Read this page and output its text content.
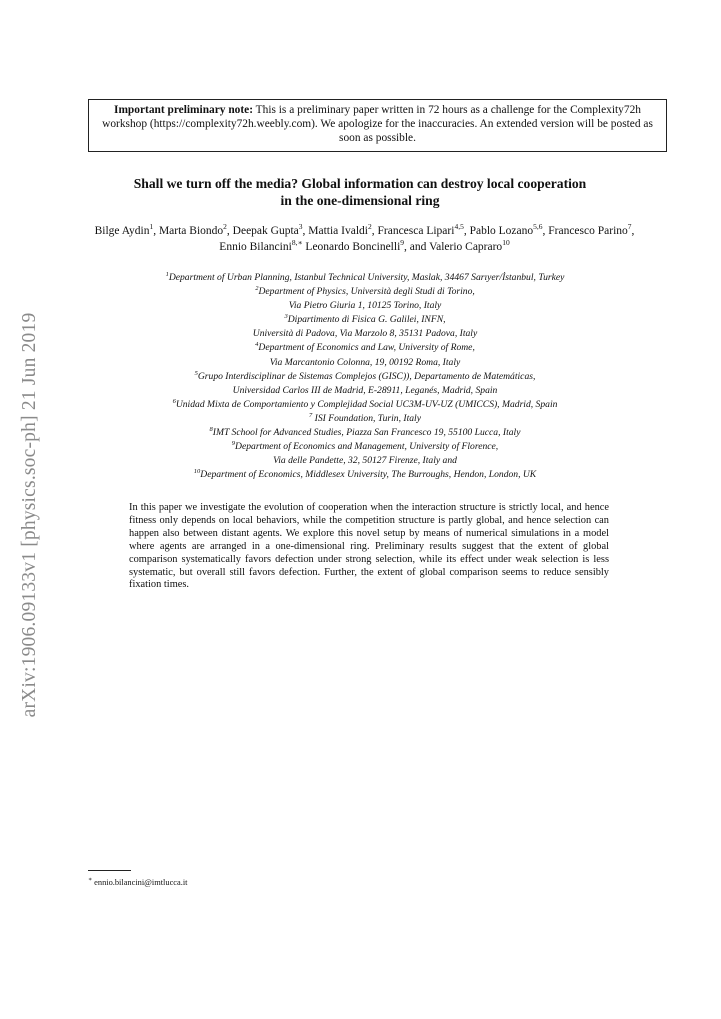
arXiv:1906.09133v1 [physics.soc-ph] 21 Jun 2019
Important preliminary note: This is a preliminary paper written in 72 hours as a challenge for the Complexity72h workshop (https://complexity72h.weebly.com). We apologize for the inaccuracies. An extended version will be posted as soon as possible.
Shall we turn off the media? Global information can destroy local cooperation
in the one-dimensional ring
Bilge Aydin$^1$, Marta Biondo$^2$, Deepak Gupta$^3$, Mattia Ivaldi$^2$, Francesca Lipari$^{4,5}$, Pablo Lozano$^{5,6}$, Francesco Parino$^7$, Ennio Bilancini$^{8,∗}$ Leonardo Boncinelli$^9$, and Valerio Capraro$^{10}$
$^1$Department of Urban Planning, Istanbul Technical University, Maslak, 34467 Sarıyer/İstanbul, Turkey
$^2$Department of Physics, Università degli Studi di Torino,
Via Pietro Giuria 1, 10125 Torino, Italy
$^3$Dipartimento di Fisica G. Galilei, INFN,
Università di Padova, Via Marzolo 8, 35131 Padova, Italy
$^4$Department of Economics and Law, University of Rome,
Via Marcantonio Colonna, 19, 00192 Roma, Italy
$^5$Grupo Interdisciplinar de Sistemas Complejos (GISC)), Departamento de Matemáticas,
Universidad Carlos III de Madrid, E-28911, Leganés, Madrid, Spain
$^6$Unidad Mixta de Comportamiento y Complejidad Social UC3M-UV-UZ (UMICCS), Madrid, Spain
$^7$ ISI Foundation, Turin, Italy
$^8$IMT School for Advanced Studies, Piazza San Francesco 19, 55100 Lucca, Italy
$^9$Department of Economics and Management, University of Florence,
Via delle Pandette, 32, 50127 Firenze, Italy and
$^{10}$Department of Economics, Middlesex University, The Burroughs, Hendon, London, UK
In this paper we investigate the evolution of cooperation when the interaction structure is strictly local, and hence fitness only depends on local behaviors, while the competition structure is partly global, and hence selection can happen also between distant agents. We explore this novel setup by means of numerical simulations in a model where agents are arranged in a one-dimensional ring. Preliminary results suggest that the extent of global comparison systematically favors defection under strong selection, while its effect under weak selection is less systematic, but overall still favors defection. Further, the extent of global comparison seems to reduce sensibly fixation times.
∗ ennio.bilancini@imtlucca.it
